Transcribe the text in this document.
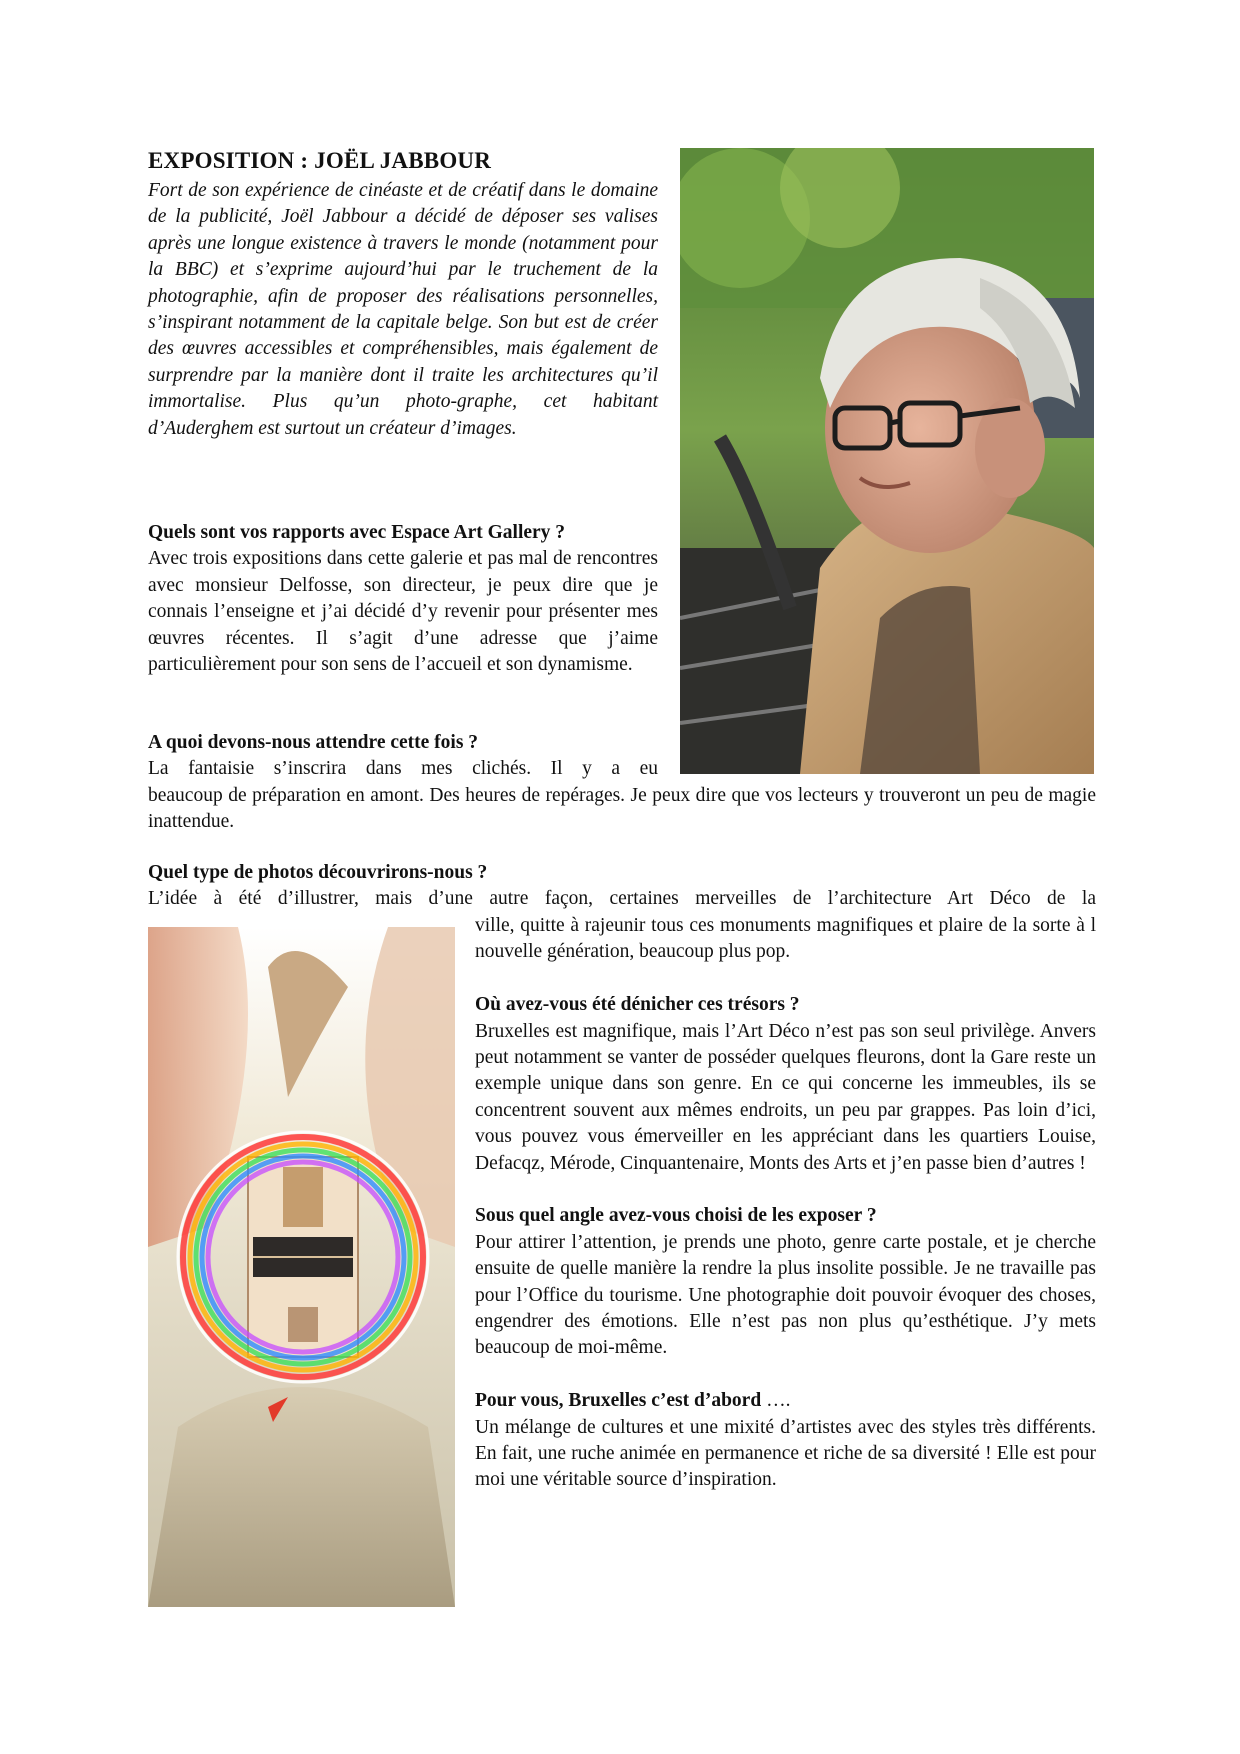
EXPOSITION : JOËL JABBOUR
Fort de son expérience de cinéaste et de créatif dans le domaine de la publicité, Joël Jabbour a décidé de déposer ses valises après une longue existence à travers le monde (notamment pour la BBC) et s’exprime aujourd’hui par le truchement de la photographie, afin de proposer des réalisations personnelles, s’inspirant notamment de la capitale belge. Son but est de créer des œuvres accessibles et compréhensibles, mais également de surprendre par la manière dont il traite les architectures qu’il immortalise. Plus qu’un photo-graphe, cet habitant d’Auderghem est surtout un créateur d’images.
Quels sont vos rapports avec Espace Art Gallery ?
Avec trois expositions dans cette galerie et pas mal de rencontres avec monsieur Delfosse, son directeur, je peux dire que je connais l’enseigne et j’ai décidé d’y revenir pour présenter mes œuvres récentes. Il s’agit d’une adresse que j’aime particulièrement pour son sens de l’accueil et son dynamisme.
A quoi devons-nous attendre cette fois ?
La fantaisie s’inscrira dans mes clichés. Il y a eu
beaucoup de préparation en amont. Des heures de repérages. Je peux dire que vos lecteurs y trouveront un peu de magie inattendue.
Quel type de photos découvrirons-nous ?
L’idée à été d’illustrer, mais d’une autre façon, certaines merveilles de l’architecture Art Déco de la
ville, quitte à rajeunir tous ces monuments magnifiques et plaire de la sorte à l nouvelle génération, beaucoup plus pop.
Où avez-vous été dénicher ces trésors ?
Bruxelles est magnifique, mais l’Art Déco n’est pas son seul privilège. Anvers peut notamment se vanter de posséder quelques fleurons, dont la Gare reste un exemple unique dans son genre. En ce qui concerne les immeubles, ils se concentrent souvent aux mêmes endroits, un peu par grappes. Pas loin d’ici, vous pouvez vous émerveiller en les appréciant dans les quartiers Louise, Defacqz, Mérode, Cinquantenaire, Monts des Arts et j’en passe bien d’autres !
Sous quel angle avez-vous choisi de les exposer ?
Pour attirer l’attention, je prends une photo, genre carte postale, et je cherche ensuite de quelle manière la rendre la plus insolite possible. Je ne travaille pas pour l’Office du tourisme. Une photographie doit pouvoir évoquer des choses, engendrer des émotions. Elle n’est pas non plus qu’esthétique. J’y mets beaucoup de moi-même.
Pour vous, Bruxelles c’est d’abord ….
Un mélange de cultures et une mixité d’artistes avec des styles très différents. En fait, une ruche animée en permanence et riche de sa diversité ! Elle est pour moi une véritable source d’inspiration.
